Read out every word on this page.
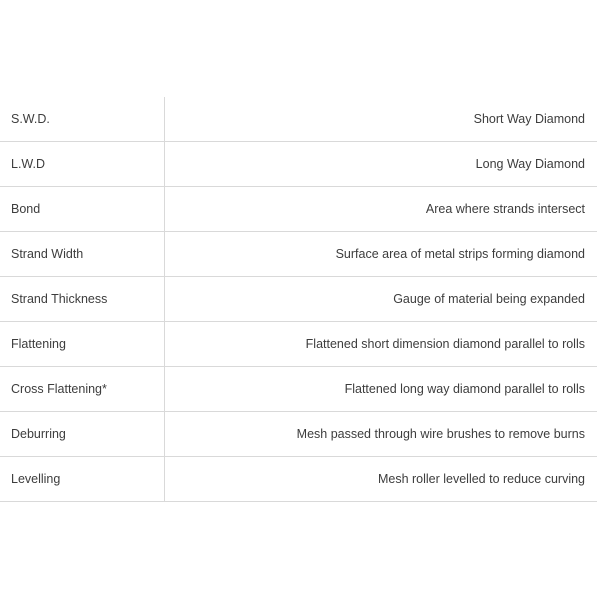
S.W.D.	Short Way Diamond
L.W.D	Long Way Diamond
Bond	Area where strands intersect
Strand Width	Surface area of metal strips forming diamond
Strand Thickness	Gauge of material being expanded
Flattening	Flattened short dimension diamond parallel to rolls
Cross Flattening*	Flattened long way diamond parallel to rolls
Deburring	Mesh passed through wire brushes to remove burns
Levelling	Mesh roller levelled to reduce curving
